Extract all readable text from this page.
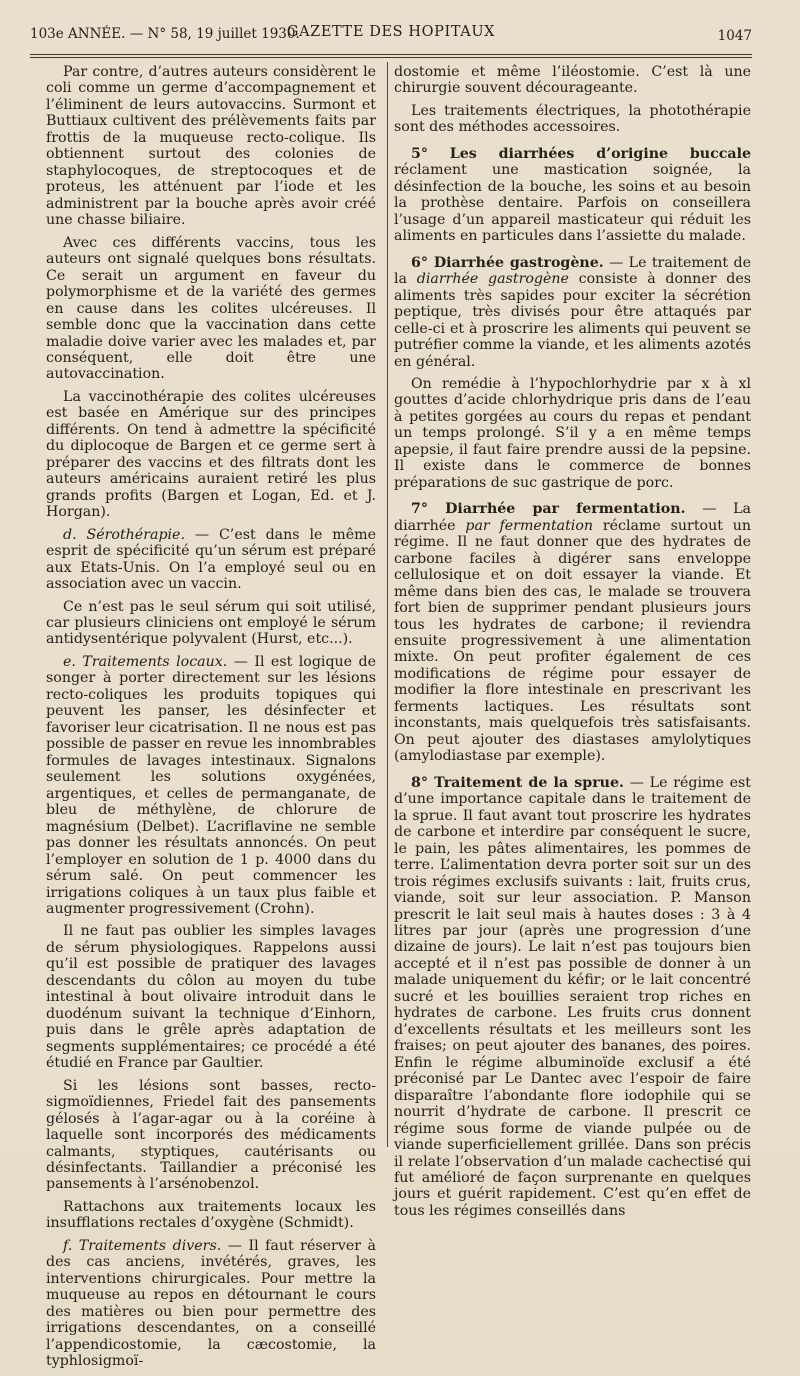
103e ANNÉE. — N° 58, 19 juillet 1930.
GAZETTE DES HOPITAUX	1047

Par contre, d’autres auteurs considèrent le coli comme un germe d’accompagnement et l’éliminent de leurs autovaccins. Surmont et Buttiaux cultivent des prélèvements faits par frottis de la muqueuse recto-colique. Ils obtiennent surtout des colonies de staphylocoques, de streptocoques et de proteus, les atténuent par l’iode et les administrent par la bouche après avoir créé une chasse biliaire.

Avec ces différents vaccins, tous les auteurs ont signalé quelques bons résultats. Ce serait un argument en faveur du polymorphisme et de la variété des germes en cause dans les colites ulcéreuses. Il semble donc que la vaccination dans cette maladie doive varier avec les malades et, par conséquent, elle doit être une autovaccination.

La vaccinothérapie des colites ulcéreuses est basée en Amérique sur des principes différents. On tend à admettre la spécificité du diplocoque de Bargen et ce germe sert à préparer des vaccins et des filtrats dont les auteurs américains auraient retiré les plus grands profits (Bargen et Logan, Ed. et J. Horgan).

d. Sérothérapie. — C’est dans le même esprit de spécificité qu’un sérum est préparé aux Etats-Unis. On l’a employé seul ou en association avec un vaccin.

Ce n’est pas le seul sérum qui soit utilisé, car plusieurs cliniciens ont employé le sérum antidysentérique polyvalent (Hurst, etc...).

e. Traitements locaux. — Il est logique de songer à porter directement sur les lésions recto-coliques les produits topiques qui peuvent les panser, les désinfecter et favoriser leur cicatrisation. Il ne nous est pas possible de passer en revue les innombrables formules de lavages intestinaux. Signalons seulement les solutions oxygénées, argentiques, et celles de permanganate, de bleu de méthylène, de chlorure de magnésium (Delbet). L’acriflavine ne semble pas donner les résultats annoncés. On peut l’employer en solution de 1 p. 4000 dans du sérum salé. On peut commencer les irrigations coliques à un taux plus faible et augmenter progressivement (Crohn).

Il ne faut pas oublier les simples lavages de sérum physiologiques. Rappelons aussi qu’il est possible de pratiquer des lavages descendants du côlon au moyen du tube intestinal à bout olivaire introduit dans le duodénum suivant la technique d’Einhorn, puis dans le grêle après adaptation de segments supplémentaires; ce procédé a été étudié en France par Gaultier.

Si les lésions sont basses, recto-sigmoïdiennes, Friedel fait des pansements gélosés à l’agar-agar ou à la coréine à laquelle sont incorporés des médicaments calmants, styptiques, cautérisants ou désinfectants. Taillandier a préconisé les pansements à l’arsénobenzol.

Rattachons aux traitements locaux les insufflations rectales d’oxygène (Schmidt).

f. Traitements divers. — Il faut réserver à des cas anciens, invétérés, graves, les interventions chirurgicales. Pour mettre la muqueuse au repos en détournant le cours des matières ou bien pour permettre des irrigations descendantes, on a conseillé l’appendicostomie, la cæcostomie, la typhlosigmoï-

dostomie et même l’iléostomie. C’est là une chirurgie souvent décourageante.

Les traitements électriques, la photothérapie sont des méthodes accessoires.

5° Les diarrhées d’origine buccale réclament une mastication soignée, la désinfection de la bouche, les soins et au besoin la prothèse dentaire. Parfois on conseillera l’usage d’un appareil masticateur qui réduit les aliments en particules dans l’assiette du malade.

6° Diarrhée gastrogène. — Le traitement de la diarrhée gastrogène consiste à donner des aliments très sapides pour exciter la sécrétion peptique, très divisés pour être attaqués par celle-ci et à proscrire les aliments qui peuvent se putréfier comme la viande, et les aliments azotés en général.

On remédie à l’hypochlorhydrie par x à xl gouttes d’acide chlorhydrique pris dans de l’eau à petites gorgées au cours du repas et pendant un temps prolongé. S’il y a en même temps apepsie, il faut faire prendre aussi de la pepsine. Il existe dans le commerce de bonnes préparations de suc gastrique de porc.

7° Diarrhée par fermentation. — La diarrhée par fermentation réclame surtout un régime. Il ne faut donner que des hydrates de carbone faciles à digérer sans enveloppe cellulosique et on doit essayer la viande. Et même dans bien des cas, le malade se trouvera fort bien de supprimer pendant plusieurs jours tous les hydrates de carbone; il reviendra ensuite progressivement à une alimentation mixte. On peut profiter également de ces modifications de régime pour essayer de modifier la flore intestinale en prescrivant les ferments lactiques. Les résultats sont inconstants, mais quelquefois très satisfaisants. On peut ajouter des diastases amylolytiques (amylodiastase par exemple).

8° Traitement de la sprue. — Le régime est d’une importance capitale dans le traitement de la sprue. Il faut avant tout proscrire les hydrates de carbone et interdire par conséquent le sucre, le pain, les pâtes alimentaires, les pommes de terre. L’alimentation devra porter soit sur un des trois régimes exclusifs suivants : lait, fruits crus, viande, soit sur leur association. P. Manson prescrit le lait seul mais à hautes doses : 3 à 4 litres par jour (après une progression d’une dizaine de jours). Le lait n’est pas toujours bien accepté et il n’est pas possible de donner à un malade uniquement du kéfir; or le lait concentré sucré et les bouillies seraient trop riches en hydrates de carbone. Les fruits crus donnent d’excellents résultats et les meilleurs sont les fraises; on peut ajouter des bananes, des poires. Enfin le régime albuminoïde exclusif a été préconisé par Le Dantec avec l’espoir de faire disparaître l’abondante flore iodophile qui se nourrit d’hydrate de carbone. Il prescrit ce régime sous forme de viande pulpée ou de viande superficiellement grillée. Dans son précis il relate l’observation d’un malade cachectisé qui fut amélioré de façon surprenante en quelques jours et guérit rapidement. C’est qu’en effet de tous les régimes conseillés dans
